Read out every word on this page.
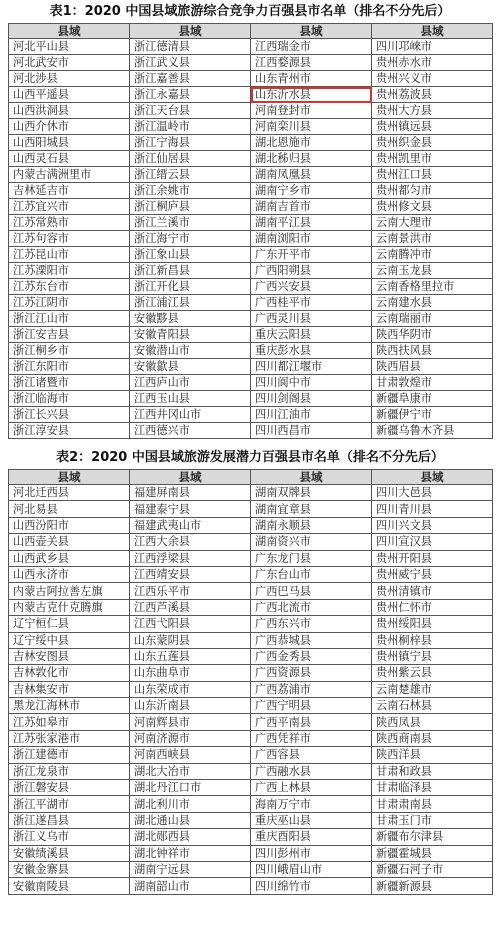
表1：2020 中国县域旅游综合竞争力百强县市名单（排名不分先后）
县域	县域	县域	县域
河北平山县	浙江德清县	江西瑞金市	四川邛崃市
河北武安市	浙江武义县	江西婺源县	贵州赤水市
河北涉县	浙江嘉善县	山东青州市	贵州兴义市
山西平遥县	浙江永嘉县	山东沂水县	贵州荔波县
山西洪洞县	浙江天台县	河南登封市	贵州大方县
山西介休市	浙江温岭市	河南栾川县	贵州镇远县
山西阳城县	浙江宁海县	湖北恩施市	贵州织金县
山西灵石县	浙江仙居县	湖北秭归县	贵州凯里市
内蒙古满洲里市	浙江缙云县	湖南凤凰县	贵州江口县
吉林延吉市	浙江余姚市	湖南宁乡市	贵州都匀市
江苏宜兴市	浙江桐庐县	湖南吉首市	贵州修文县
江苏常熟市	浙江兰溪市	湖南平江县	云南大理市
江苏句容市	浙江海宁市	湖南浏阳市	云南景洪市
江苏昆山市	浙江象山县	广东开平市	云南腾冲市
江苏溧阳市	浙江新昌县	广西阳朔县	云南玉龙县
江苏东台市	浙江开化县	广西兴安县	云南香格里拉市
江苏江阴市	浙江浦江县	广西桂平市	云南建水县
浙江江山市	安徽黟县	广西灵川县	云南瑞丽市
浙江安吉县	安徽青阳县	重庆云阳县	陕西华阴市
浙江桐乡市	安徽潜山市	重庆彭水县	陕西扶风县
浙江东阳市	安徽歙县	四川都江堰市	陕西眉县
浙江诸暨市	江西庐山市	四川阆中市	甘肃敦煌市
浙江临海市	江西玉山县	四川剑阁县	新疆阜康市
浙江长兴县	江西井冈山市	四川江油市	新疆伊宁市
浙江淳安县	江西德兴市	四川西昌市	新疆乌鲁木齐县
表2：2020 中国县域旅游发展潜力百强县市名单（排名不分先后）
县域	县域	县域	县域
河北迁西县	福建屏南县	湖南双牌县	四川大邑县
河北易县	福建泰宁县	湖南宜章县	四川青川县
山西汾阳市	福建武夷山市	湖南永顺县	四川兴文县
山西壶关县	江西大余县	湖南资兴市	四川宣汉县
山西武乡县	江西浮梁县	广东龙门县	贵州开阳县
山西永济市	江西靖安县	广东台山市	贵州威宁县
内蒙古阿拉善左旗	江西乐平市	广西巴马县	贵州清镇市
内蒙古克什克腾旗	江西芦溪县	广西北流市	贵州仁怀市
辽宁桓仁县	江西弋阳县	广西东兴市	贵州绥阳县
辽宁绥中县	山东蒙阴县	广西恭城县	贵州桐梓县
吉林安图县	山东五莲县	广西金秀县	贵州镇宁县
吉林敦化市	山东曲阜市	广西资源县	贵州紫云县
吉林集安市	山东荣成市	广西荔浦市	云南楚雄市
黑龙江海林市	山东沂南县	广西宁明县	云南石林县
江苏如皋市	河南辉县市	广西平南县	陕西凤县
江苏张家港市	河南济源市	广西凭祥市	陕西商南县
浙江建德市	河南西峡县	广西容县	陕西洋县
浙江龙泉市	湖北大冶市	广西融水县	甘肃和政县
浙江磐安县	湖北丹江口市	广西上林县	甘肃临泽县
浙江平湖市	湖北利川市	海南万宁市	甘肃肃南县
浙江遂昌县	湖北通山县	重庆巫山县	甘肃玉门市
浙江义乌市	湖北郧西县	重庆酉阳县	新疆布尔津县
安徽绩溪县	湖北钟祥市	四川彭州市	新疆霍城县
安徽金寨县	湖南宁远县	四川峨眉山市	新疆石河子市
安徽南陵县	湖南韶山市	四川绵竹市	新疆新源县
